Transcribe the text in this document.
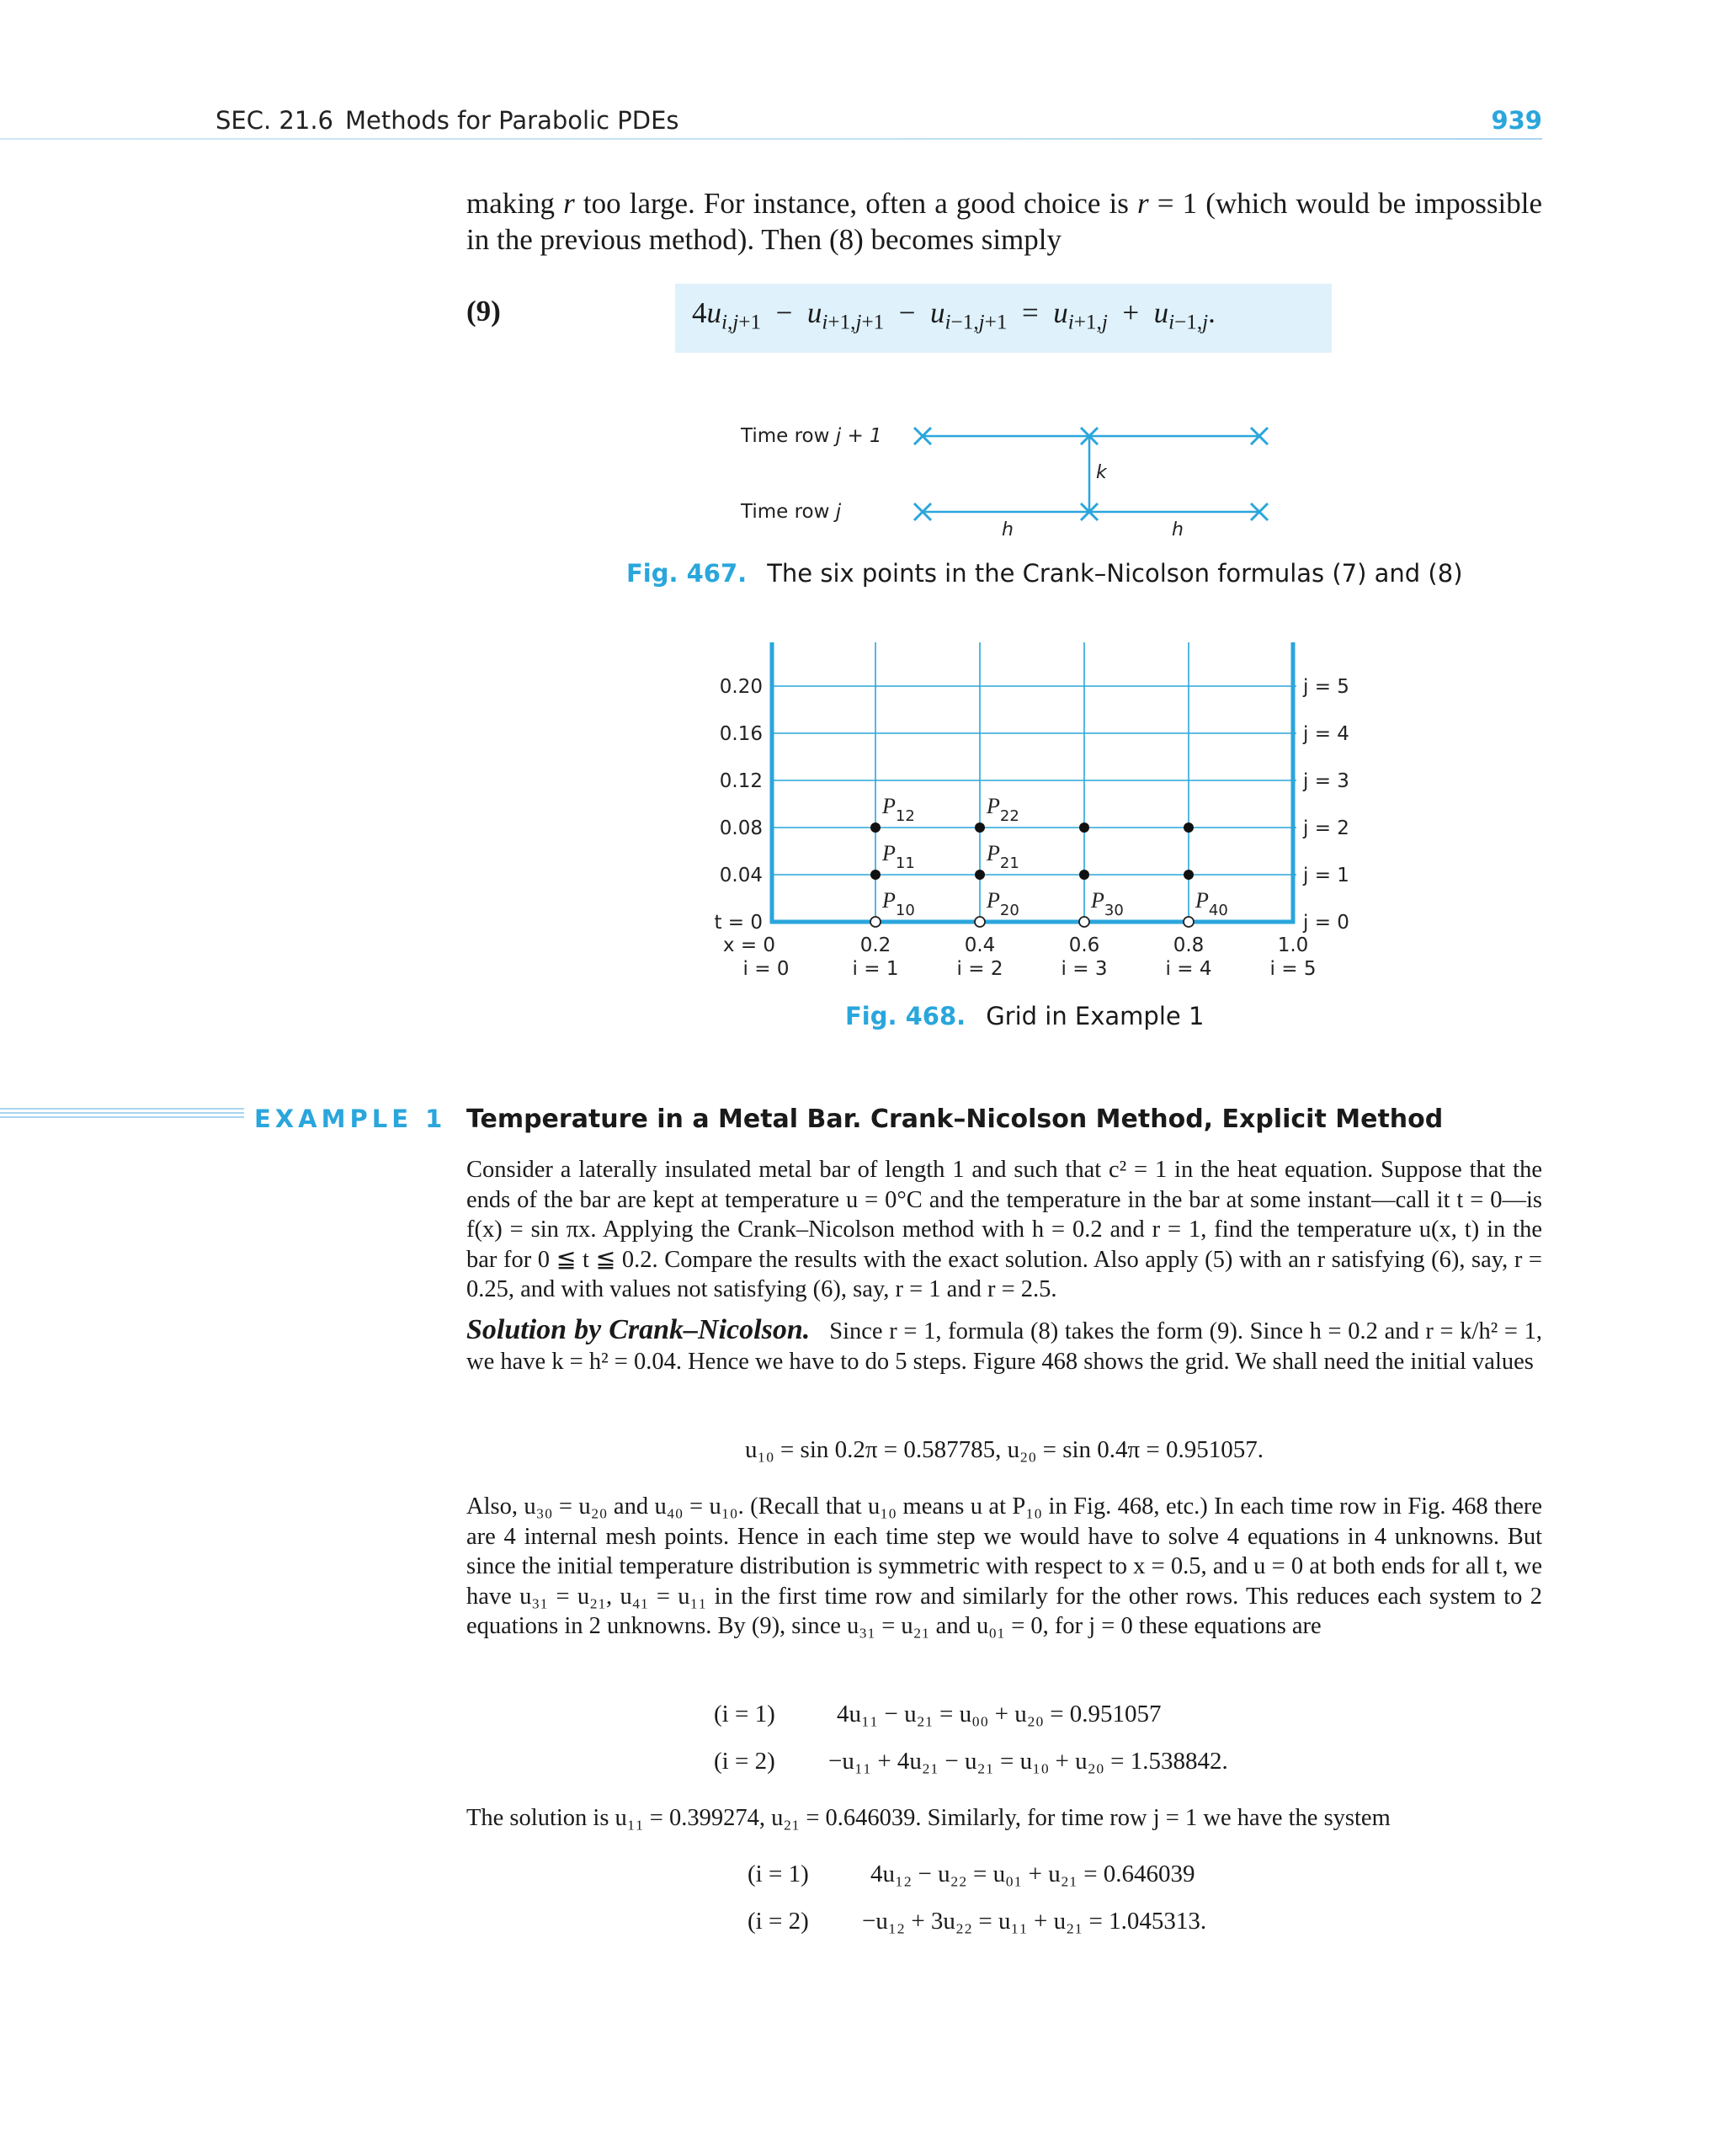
SEC. 21.6 Methods for Parabolic PDEs	939
making r too large. For instance, often a good choice is r = 1 (which would be impossible
in the previous method). Then (8) becomes simply
(9)	$4u_{i,j+1} - u_{i+1,j+1} - u_{i-1,j+1} = u_{i+1,j} + u_{i-1,j}$.
Time row j + 1
Time row j
k
h	h
Fig. 467. The six points in the Crank–Nicolson formulas (7) and (8)
0.20
0.16
0.12
0.08
0.04
t = 0
j = 5
j = 4
j = 3
j = 2
j = 1
j = 0
x = 0	0.2	0.4	0.6	0.8	1.0
i = 0	i = 1	i = 2	i = 3	i = 4	i = 5
$P_{12}$	$P_{22}$
$P_{11}$	$P_{21}$
$P_{10}$	$P_{20}$	$P_{30}$	$P_{40}$
Fig. 468. Grid in Example 1
EXAMPLE 1 Temperature in a Metal Bar. Crank–Nicolson Method, Explicit Method
Consider a laterally insulated metal bar of length 1 and such that c² = 1 in the heat equation. Suppose that the ends of the bar are kept at temperature u = 0°C and the temperature in the bar at some instant—call it t = 0—is f(x) = sin πx. Applying the Crank–Nicolson method with h = 0.2 and r = 1, find the temperature u(x, t) in the bar for 0 ≦ t ≦ 0.2. Compare the results with the exact solution. Also apply (5) with an r satisfying (6), say, r = 0.25, and with values not satisfying (6), say, r = 1 and r = 2.5.
Solution by Crank–Nicolson. Since r = 1, formula (8) takes the form (9). Since h = 0.2 and r = k/h² = 1, we have k = h² = 0.04. Hence we have to do 5 steps. Figure 468 shows the grid. We shall need the initial values
u₁₀ = sin 0.2π = 0.587785, u₂₀ = sin 0.4π = 0.951057.
Also, u₃₀ = u₂₀ and u₄₀ = u₁₀. (Recall that u₁₀ means u at P₁₀ in Fig. 468, etc.) In each time row in Fig. 468 there are 4 internal mesh points. Hence in each time step we would have to solve 4 equations in 4 unknowns. But since the initial temperature distribution is symmetric with respect to x = 0.5, and u = 0 at both ends for all t, we have u₃₁ = u₂₁, u₄₁ = u₁₁ in the first time row and similarly for the other rows. This reduces each system to 2 equations in 2 unknowns. By (9), since u₃₁ = u₂₁ and u₀₁ = 0, for j = 0 these equations are
(i = 1)	4u₁₁ − u₂₁ = u₀₀ + u₂₀ = 0.951057
(i = 2) −u₁₁ + 4u₂₁ − u₂₁ = u₁₀ + u₂₀ = 1.538842.
The solution is u₁₁ = 0.399274, u₂₁ = 0.646039. Similarly, for time row j = 1 we have the system
(i = 1)	4u₁₂ − u₂₂ = u₀₁ + u₂₁ = 0.646039
(i = 2) −u₁₂ + 3u₂₂ = u₁₁ + u₂₁ = 1.045313.
